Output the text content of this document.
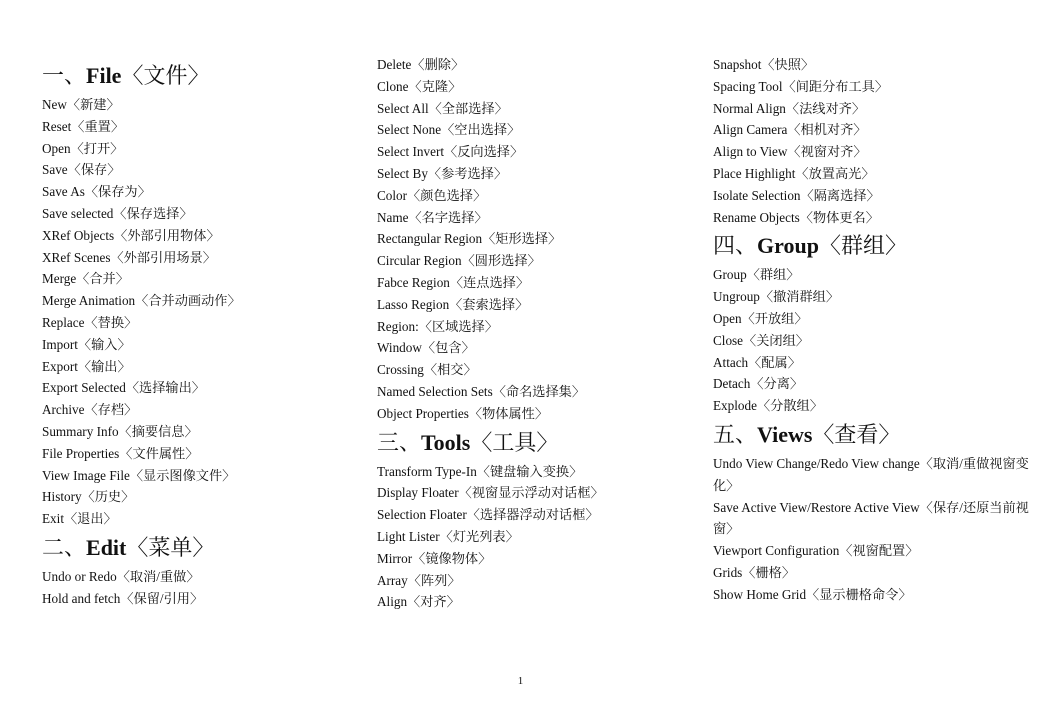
一、File〈文件〉
New〈新建〉
Reset〈重置〉
Open〈打开〉
Save〈保存〉
Save As〈保存为〉
Save selected〈保存选择〉
XRef Objects〈外部引用物体〉
XRef Scenes〈外部引用场景〉
Merge〈合并〉
Merge Animation〈合并动画动作〉
Replace〈替换〉
Import〈输入〉
Export〈输出〉
Export Selected〈选择输出〉
Archive〈存档〉
Summary Info〈摘要信息〉
File Properties〈文件属性〉
View Image File〈显示图像文件〉
History〈历史〉
Exit〈退出〉
二、Edit〈菜单〉
Undo or Redo〈取消/重做〉
Hold and fetch〈保留/引用〉
Delete〈删除〉
Clone〈克隆〉
Select All〈全部选择〉
Select None〈空出选择〉
Select Invert〈反向选择〉
Select By〈参考选择〉
Color〈颜色选择〉
Name〈名字选择〉
Rectangular Region〈矩形选择〉
Circular Region〈圆形选择〉
Fabce Region〈连点选择〉
Lasso Region〈套索选择〉
Region:〈区域选择〉
Window〈包含〉
Crossing〈相交〉
Named Selection Sets〈命名选择集〉
Object Properties〈物体属性〉
三、Tools〈工具〉
Transform Type-In〈键盘输入变换〉
Display Floater〈视窗显示浮动对话框〉
Selection Floater〈选择器浮动对话框〉
Light Lister〈灯光列表〉
Mirror〈镜像物体〉
Array〈阵列〉
Align〈对齐〉
Snapshot〈快照〉
Spacing Tool〈间距分布工具〉
Normal Align〈法线对齐〉
Align Camera〈相机对齐〉
Align to View〈视窗对齐〉
Place Highlight〈放置高光〉
Isolate Selection〈隔离选择〉
Rename Objects〈物体更名〉
四、Group〈群组〉
Group〈群组〉
Ungroup〈撤消群组〉
Open〈开放组〉
Close〈关闭组〉
Attach〈配属〉
Detach〈分离〉
Explode〈分散组〉
五、Views〈查看〉
Undo View Change/Redo View change〈取消/重做视窗变化〉
Save Active View/Restore Active View〈保存/还原当前视窗〉
Viewport Configuration〈视窗配置〉
Grids〈栅格〉
Show Home Grid〈显示栅格命令〉
1
